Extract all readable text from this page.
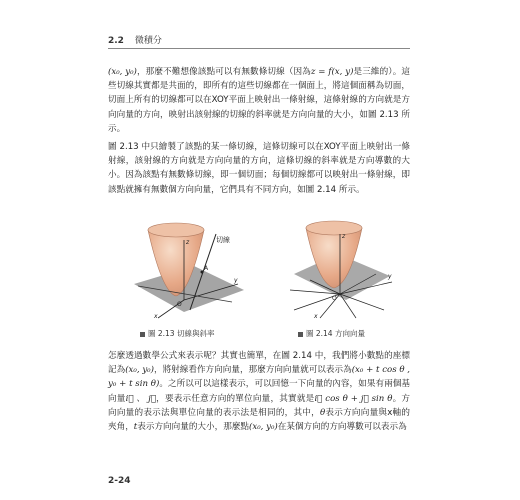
2.2 微積分

(x₀, y₀)，那麼不難想像該點可以有無數條切線（因為z = f(x, y)是三維的）。這些切線其實都是共面的，即所有的這些切線都在一個面上，將這個面稱為切面，切面上所有的切線都可以在XOY平面上映射出一條射線，這條射線的方向就是方向向量的方向，映射出該射線的切線的斜率就是方向向量的大小，如圖 2.13 所示。

圖 2.13 中只繪製了該點的某一條切線，這條切線可以在XOY平面上映射出一條射線，該射線的方向就是方向向量的方向，這條切線的斜率就是方向導數的大小。因為該點有無數條切線，即一個切面；每個切線都可以映射出一條射線，即該點就擁有無數個方向向量，它們具有不同方向，如圖 2.14 所示。

切線
z
y
x
O
A
圖 2.13 切線與斜率
z
y
x
O
圖 2.14 方向向量

怎麼透過數學公式來表示呢？其實也簡單，在圖 2.14 中，我們將小數點的座標記為(x₀, y₀)，將射線看作方向向量，那麼方向向量就可以表示為(x₀ + t cos θ , y₀ + t sin θ)。之所以可以這樣表示，可以回憶一下向量的內容，如果有兩個基向量i⃗ 、 j⃗，要表示任意方向的單位向量，其實就是i⃗ cos θ + j⃗ sin θ。方向向量的表示法與單位向量的表示法是相同的，其中，θ表示方向向量與x軸的夾角，t表示方向向量的大小，那麼點(x₀, y₀)在某個方向的方向導數可以表示為

2-24
